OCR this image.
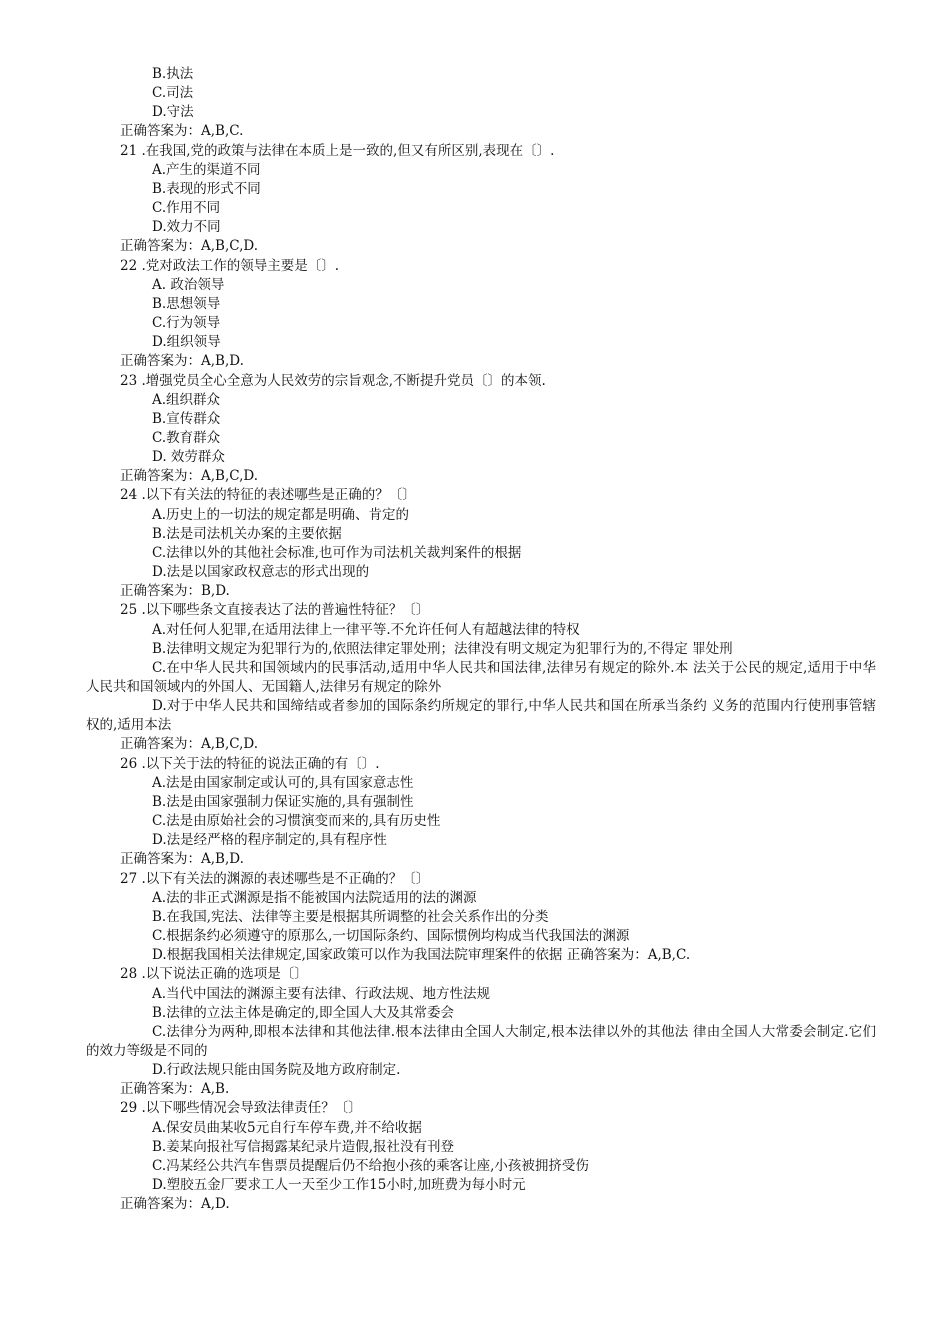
B.执法
C.司法
D.守法
正确答案为：A,B,C.
21 .在我国,党的政策与法律在本质上是一致的,但又有所区别,表现在〔〕.
A.产生的渠道不同
B.表现的形式不同
C.作用不同
D.效力不同
正确答案为：A,B,C,D.
22 .党对政法工作的领导主要是〔〕.
A. 政治领导
B.思想领导
C.行为领导
D.组织领导
正确答案为：A,B,D.
23 .增强党员全心全意为人民效劳的宗旨观念,不断提升党员〔〕的本领.
A.组织群众
B.宣传群众
C.教育群众
D. 效劳群众
正确答案为：A,B,C,D.
24 .以下有关法的特征的表述哪些是正确的？〔〕
A.历史上的一切法的规定都是明确、肯定的
B.法是司法机关办案的主要依据
C.法律以外的其他社会标准,也可作为司法机关裁判案件的根据
D.法是以国家政权意志的形式出现的
正确答案为：B,D.
25 .以下哪些条文直接表达了法的普遍性特征？〔〕
A.对任何人犯罪,在适用法律上一律平等.不允许任何人有超越法律的特权
B.法律明文规定为犯罪行为的,依照法律定罪处刑；法律没有明文规定为犯罪行为的,不得定 罪处刑
C.在中华人民共和国领域内的民事活动,适用中华人民共和国法律,法律另有规定的除外.本 法关于公民的规定,适用于中华人民共和国领域内的外国人、无国籍人,法律另有规定的除外
D.对于中华人民共和国缔结或者参加的国际条约所规定的罪行,中华人民共和国在所承当条约 义务的范围内行使刑事管辖权的,适用本法
正确答案为：A,B,C,D.
26 .以下关于法的特征的说法正确的有〔〕.
A.法是由国家制定或认可的,具有国家意志性
B.法是由国家强制力保证实施的,具有强制性
C.法是由原始社会的习惯演变而来的,具有历史性
D.法是经严格的程序制定的,具有程序性
正确答案为：A,B,D.
27 .以下有关法的渊源的表述哪些是不正确的？〔〕
A.法的非正式渊源是指不能被国内法院适用的法的渊源
B.在我国,宪法、法律等主要是根据其所调整的社会关系作出的分类
C.根据条约必须遵守的原那么,一切国际条约、国际惯例均构成当代我国法的渊源
D.根据我国相关法律规定,国家政策可以作为我国法院审理案件的依据 正确答案为：A,B,C.
28 .以下说法正确的选项是〔〕
A.当代中国法的渊源主要有法律、行政法规、地方性法规
B.法律的立法主体是确定的,即全国人大及其常委会
C.法律分为两种,即根本法律和其他法律.根本法律由全国人大制定,根本法律以外的其他法 律由全国人大常委会制定.它们的效力等级是不同的
D.行政法规只能由国务院及地方政府制定.
正确答案为：A,B.
29 .以下哪些情况会导致法律责任？〔〕
A.保安员曲某收5元自行车停车费,并不给收据
B.姜某向报社写信揭露某纪录片造假,报社没有刊登
C.冯某经公共汽车售票员提醒后仍不给抱小孩的乘客让座,小孩被拥挤受伤
D.塑胶五金厂要求工人一天至少工作15小时,加班费为每小时元
正确答案为：A,D.
